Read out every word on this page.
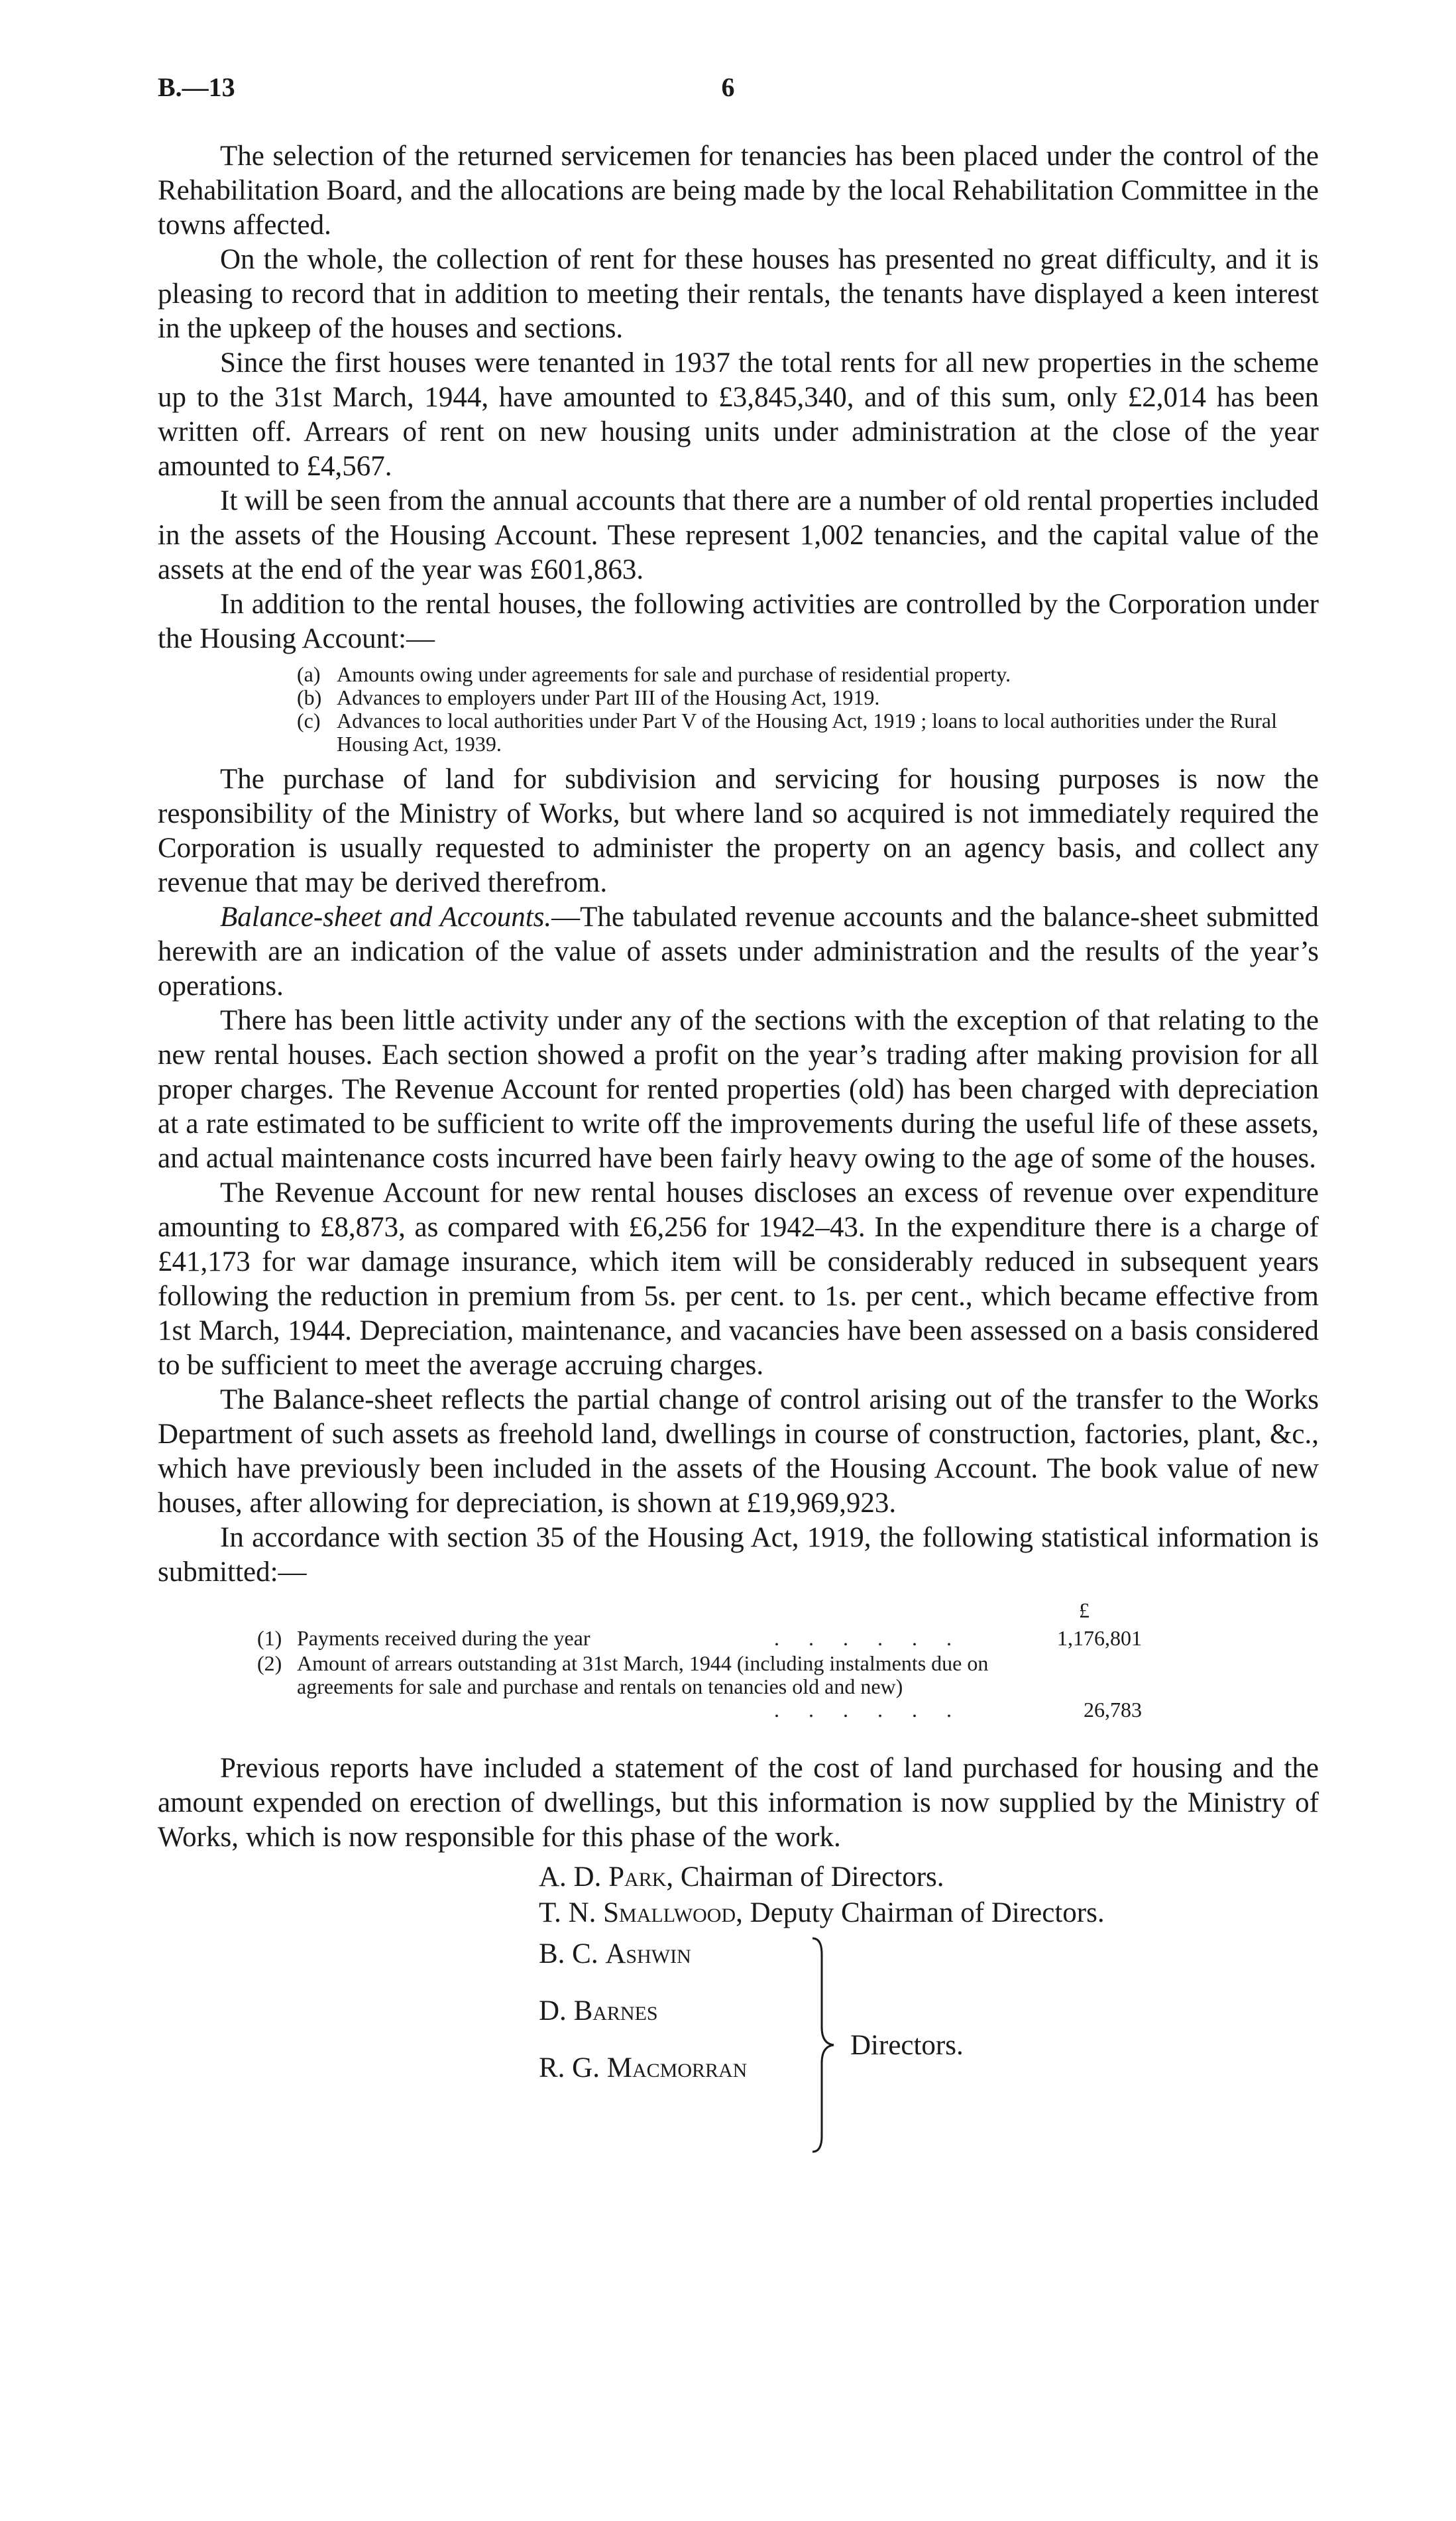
B.—13	6

The selection of the returned servicemen for tenancies has been placed under the control of the Rehabilitation Board, and the allocations are being made by the local Rehabilitation Committee in the towns affected.

On the whole, the collection of rent for these houses has presented no great difficulty, and it is pleasing to record that in addition to meeting their rentals, the tenants have displayed a keen interest in the upkeep of the houses and sections.

Since the first houses were tenanted in 1937 the total rents for all new properties in the scheme up to the 31st March, 1944, have amounted to £3,845,340, and of this sum, only £2,014 has been written off. Arrears of rent on new housing units under administration at the close of the year amounted to £4,567.

It will be seen from the annual accounts that there are a number of old rental properties included in the assets of the Housing Account. These represent 1,002 tenancies, and the capital value of the assets at the end of the year was £601,863.

In addition to the rental houses, the following activities are controlled by the Corporation under the Housing Account:—

(a) Amounts owing under agreements for sale and purchase of residential property.
(b) Advances to employers under Part III of the Housing Act, 1919.
(c) Advances to local authorities under Part V of the Housing Act, 1919 ; loans to local authorities under the Rural Housing Act, 1939.

The purchase of land for subdivision and servicing for housing purposes is now the responsibility of the Ministry of Works, but where land so acquired is not immediately required the Corporation is usually requested to administer the property on an agency basis, and collect any revenue that may be derived therefrom.

Balance-sheet and Accounts.—The tabulated revenue accounts and the balance-sheet submitted herewith are an indication of the value of assets under administration and the results of the year’s operations.

There has been little activity under any of the sections with the exception of that relating to the new rental houses. Each section showed a profit on the year’s trading after making provision for all proper charges. The Revenue Account for rented properties (old) has been charged with depreciation at a rate estimated to be sufficient to write off the improvements during the useful life of these assets, and actual maintenance costs incurred have been fairly heavy owing to the age of some of the houses.

The Revenue Account for new rental houses discloses an excess of revenue over expenditure amounting to £8,873, as compared with £6,256 for 1942–43. In the expenditure there is a charge of £41,173 for war damage insurance, which item will be considerably reduced in subsequent years following the reduction in premium from 5s. per cent. to 1s. per cent., which became effective from 1st March, 1944. Depreciation, maintenance, and vacancies have been assessed on a basis considered to be sufficient to meet the average accruing charges.

The Balance-sheet reflects the partial change of control arising out of the transfer to the Works Department of such assets as freehold land, dwellings in course of construction, factories, plant, &c., which have previously been included in the assets of the Housing Account. The book value of new houses, after allowing for depreciation, is shown at £19,969,923.

In accordance with section 35 of the Housing Act, 1919, the following statistical information is submitted:—

£
(1) Payments received during the year	. . . . . .	1,176,801
(2) Amount of arrears outstanding at 31st March, 1944 (including instalments due on agreements for sale and purchase and rentals on tenancies old and new)
. . . . . .	26,783

Previous reports have included a statement of the cost of land purchased for housing and the amount expended on erection of dwellings, but this information is now supplied by the Ministry of Works, which is now responsible for this phase of the work.

A. D. Park, Chairman of Directors.
T. N. Smallwood, Deputy Chairman of Directors.
B. C. Ashwin
D. Barnes
R. G. Macmorran
Directors.
